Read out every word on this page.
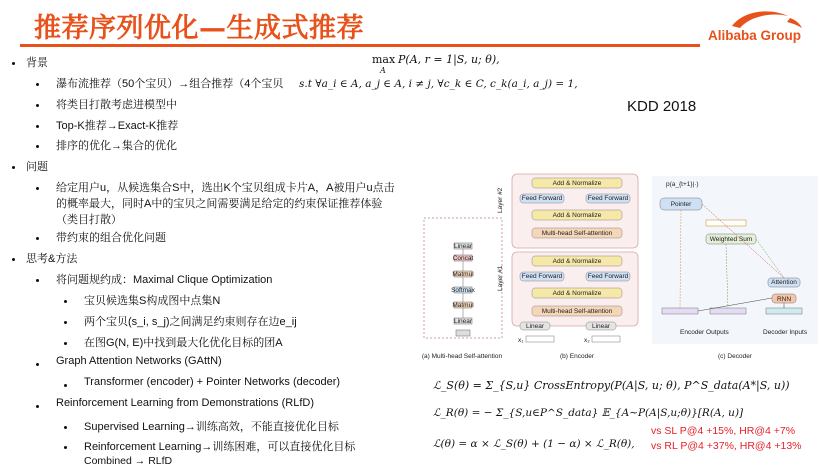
推荐序列优化—生成式推荐	Alibaba Group
背景
瀑布流推荐（50个宝贝）→组合推荐（4个宝贝
将类目打散考虑进模型中
Top-K推荐→Exact-K推荐
排序的优化→集合的优化
问题
给定用户u，从候选集合S中，选出K个宝贝组成卡片A，A被用户u点击
的概率最大，同时A中的宝贝之间需要满足给定的约束保证推荐体验
（类目打散）
带约束的组合优化问题
思考&方法
将问题规约成：Maximal Clique Optimization
宝贝候选集S构成图中点集N
两个宝贝(s_i, s_j)之间满足约束则存在边e_ij
在图G(N, E)中找到最大化优化目标的团A
Graph Attention Networks (GAttN)
Transformer (encoder) + Pointer Networks (decoder)
Reinforcement Learning from Demonstrations (RLfD)
Supervised Learning→训练高效，不能直接优化目标
Reinforcement Learning→训练困难，可以直接优化目标
Combined → RLfD
max
A
P(A, r = 1|S, u; θ),
s.t ∀a_i ∈ A, a_j ∈ A, i ≠ j, ∀c_k ∈ C, c_k(a_i, a_j) = 1,
KDD 2018
Linear
Concat
Matmul
Softmax
Matmul
Linear
(a) Multi-head Self-attention
Layer #2
Layer #1
Add & Normalize
Feed Forward	Feed Forward
Add & Normalize
Multi-head Self-attention
Add & Normalize
Feed Forward	Feed Forward
Add & Normalize
Multi-head Self-attention
Linear	Linear
x₁	x₂
(b) Encoder
p(a_{t+1}|·)
Pointer
Weighted Sum
Attention
RNN
Encoder Outputs	Decoder Inputs
(c) Decoder
ℒ_S(θ) = Σ_{S,u} CrossEntropy(P(A|S, u; θ), P^S_data(A*|S, u))
ℒ_R(θ) = − Σ_{S,u∈P^S_data} 𝔼_{A∼P(A|S,u;θ)}[R(A, u)]
ℒ(θ) = α × ℒ_S(θ) + (1 − α) × ℒ_R(θ),
vs SL P@4 +15%, HR@4 +7%
vs RL P@4 +37%, HR@4 +13%
